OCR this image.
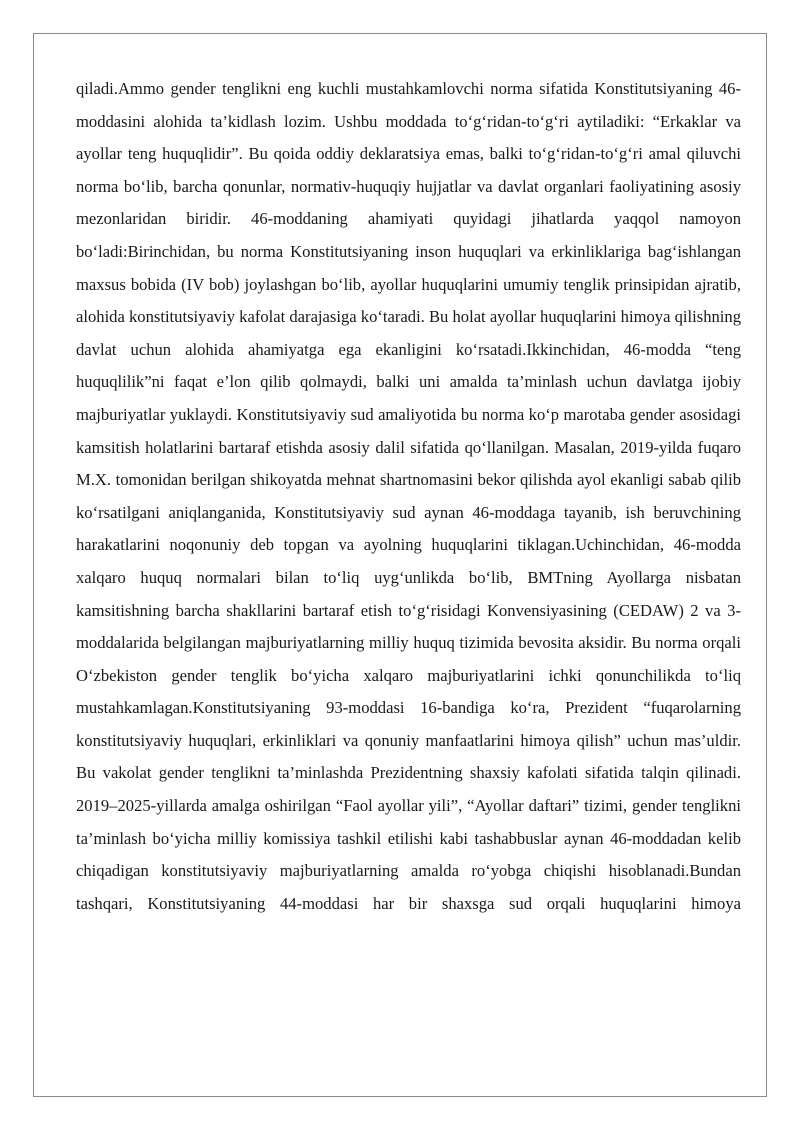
qiladi.Ammo gender tenglikni eng kuchli mustahkamlovchi norma sifatida Konstitutsiyaning 46-moddasini alohida ta’kidlash lozim. Ushbu moddada to‘g‘ridan-to‘g‘ri aytiladiki: “Erkaklar va ayollar teng huquqlidir”. Bu qoida oddiy deklaratsiya emas, balki to‘g‘ridan-to‘g‘ri amal qiluvchi norma bo‘lib, barcha qonunlar, normativ-huquqiy hujjatlar va davlat organlari faoliyatining asosiy mezonlaridan biridir. 46-moddaning ahamiyati quyidagi jihatlarda yaqqol namoyon bo‘ladi:Birinchidan, bu norma Konstitutsiyaning inson huquqlari va erkinliklariga bag‘ishlangan maxsus bobida (IV bob) joylashgan bo‘lib, ayollar huquqlarini umumiy tenglik prinsipidan ajratib, alohida konstitutsiyaviy kafolat darajasiga ko‘taradi. Bu holat ayollar huquqlarini himoya qilishning davlat uchun alohida ahamiyatga ega ekanligini ko‘rsatadi.Ikkinchidan, 46-modda “teng huquqlilik”ni faqat e’lon qilib qolmaydi, balki uni amalda ta’minlash uchun davlatga ijobiy majburiyatlar yuklaydi. Konstitutsiyaviy sud amaliyotida bu norma ko‘p marotaba gender asosidagi kamsitish holatlarini bartaraf etishda asosiy dalil sifatida qo‘llanilgan. Masalan, 2019-yilda fuqaro M.X. tomonidan berilgan shikoyatda mehnat shartnomasini bekor qilishda ayol ekanligi sabab qilib ko‘rsatilgani aniqlanganida, Konstitutsiyaviy sud aynan 46-moddaga tayanib, ish beruvchining harakatlarini noqonuniy deb topgan va ayolning huquqlarini tiklagan.Uchinchidan, 46-modda xalqaro huquq normalari bilan to‘liq uyg‘unlikda bo‘lib, BMTning Ayollarga nisbatan kamsitishning barcha shakllarini bartaraf etish to‘g‘risidagi Konvensiyasining (CEDAW) 2 va 3-moddalarida belgilangan majburiyatlarning milliy huquq tizimida bevosita aksidir. Bu norma orqali O‘zbekiston gender tenglik bo‘yicha xalqaro majburiyatlarini ichki qonunchilikda to‘liq mustahkamlagan.Konstitutsiyaning 93-moddasi 16-bandiga ko‘ra, Prezident “fuqarolarning konstitutsiyaviy huquqlari, erkinliklari va qonuniy manfaatlarini himoya qilish” uchun mas’uldir. Bu vakolat gender tenglikni ta’minlashda Prezidentning shaxsiy kafolati sifatida talqin qilinadi. 2019–2025-yillarda amalga oshirilgan “Faol ayollar yili”, “Ayollar daftari” tizimi, gender tenglikni ta’minlash bo‘yicha milliy komissiya tashkil etilishi kabi tashabbuslar aynan 46-moddadan kelib chiqadigan konstitutsiyaviy majburiyatlarning amalda ro‘yobga chiqishi hisoblanadi.Bundan tashqari, Konstitutsiyaning 44-moddasi har bir shaxsga sud orqali huquqlarini himoya
